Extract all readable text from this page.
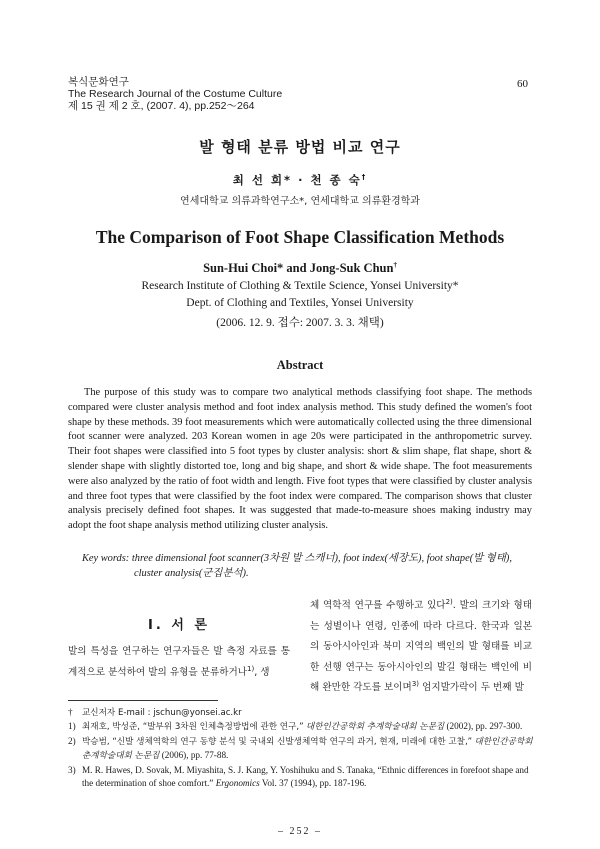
복식문화연구
The Research Journal of the Costume Culture
제 15 권 제 2 호, (2007. 4), pp.252～264
60
발 형태 분류 방법 비교 연구
최 선 희* · 천 종 숙†
연세대학교 의류과학연구소*, 연세대학교 의류환경학과
The Comparison of Foot Shape Classification Methods
Sun-Hui Choi* and Jong-Suk Chun†
Research Institute of Clothing & Textile Science, Yonsei University*
Dept. of Clothing and Textiles, Yonsei University
(2006. 12. 9. 접수: 2007. 3. 3. 채택)
Abstract
The purpose of this study was to compare two analytical methods classifying foot shape. The methods compared were cluster analysis method and foot index analysis method. This study defined the women's foot shape by these methods. 39 foot measurements which were automatically collected using the three dimensional foot scanner were analyzed. 203 Korean women in age 20s were participated in the anthropometric survey. Their foot shapes were classified into 5 foot types by cluster analysis: short & slim shape, flat shape, short & slender shape with slightly distorted toe, long and big shape, and short & wide shape. The foot measurements were also analyzed by the ratio of foot width and length. Five foot types that were classified by cluster analysis and three foot types that were classified by the foot index were compared. The comparison shows that cluster analysis precisely defined foot shapes. It was suggested that made-to-measure shoes making industry may adopt the foot shape analysis method utilizing cluster analysis.
Key words: three dimensional foot scanner(3차원 발 스캐너), foot index(세장도), foot shape(발 형태), cluster analysis(군집분석).
Ⅰ. 서 론
발의 특성을 연구하는 연구자들은 발 측정 자료를 통계적으로 분석하여 발의 유형을 분류하거나$^{1)}$, 생
체 역학적 연구를 수행하고 있다$^{2)}$. 발의 크기와 형태는 성별이나 연령, 인종에 따라 다르다. 한국과 일본의 동아시아인과 북미 지역의 백인의 발 형태를 비교한 선행 연구는 동아시아인의 발길 형태는 백인에 비해 완만한 각도를 보이며$^{3)}$ 엄지발가락이 두 번째 발
† 교신저자 E-mail : jschun@yonsei.ac.kr
1) 최재호, 박성준, “발부위 3차원 인체측정방법에 관한 연구,” 대한인간공학회 추계학술대회 논문집 (2002), pp. 297-300.
2) 박승범, “신발 생체역학의 연구 동향 분석 및 국내외 신발생체역학 연구의 과거, 현재, 미래에 대한 고찰,” 대한인간공학회 춘계학술대회 논문집 (2006), pp. 77-88.
3) M. R. Hawes, D. Sovak, M. Miyashita, S. J. Kang, Y. Yoshihuku and S. Tanaka, “Ethnic differences in forefoot shape and the determination of shoe comfort.” Ergonomics Vol. 37 (1994), pp. 187-196.
– 252 –
